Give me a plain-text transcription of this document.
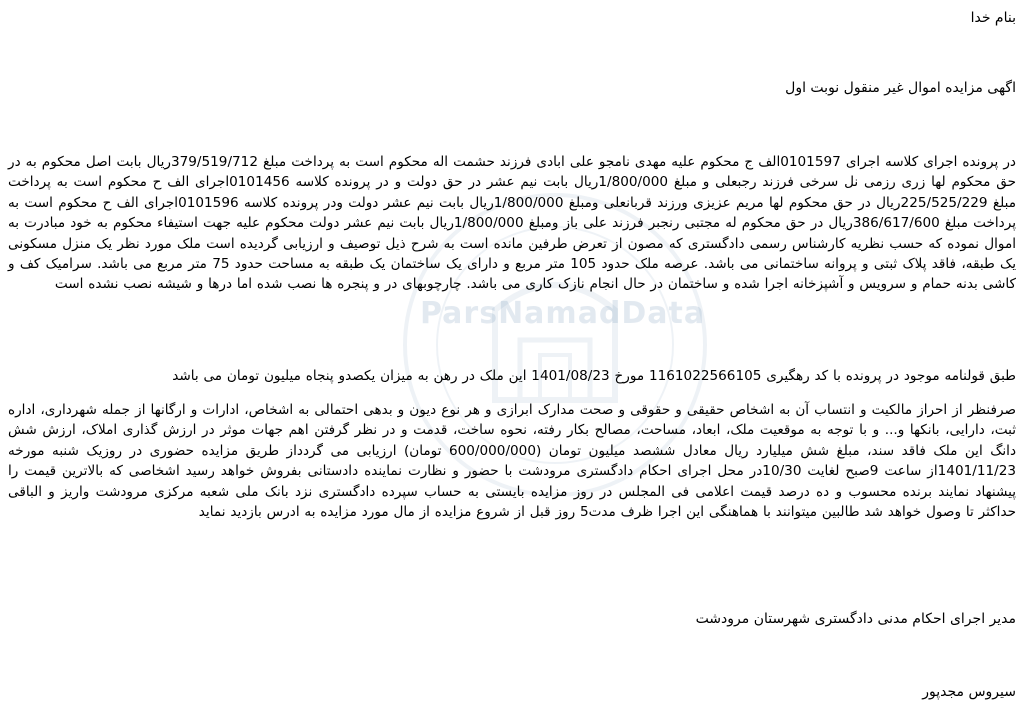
ParsNamadData
بنام خدا
اگهی مزایده اموال غیر منقول نوبت اول
در پرونده اجرای کلاسه اجرای 0101597الف ج محکوم علیه مهدی نامجو علی ابادی فرزند حشمت اله محکوم است به پرداخت مبلغ 379/519/712ریال بابت اصل محکوم به در حق محکوم لها زری رزمی نل سرخی فرزند رجبعلی و مبلغ 1/800/000ریال بابت نیم عشر در حق دولت و در پرونده کلاسه 0101456اجرای الف ح محکوم است به پرداخت مبلغ 225/525/229ریال در حق محکوم لها مریم عزیزی ورزند قربانعلی ومبلغ 1/800/000ریال بابت نیم عشر دولت ودر پرونده کلاسه 0101596اجرای الف ح محکوم است به پرداخت مبلغ 386/617/600ریال در حق محکوم له مجتبی رنجبر فرزند علی باز ومبلغ 1/800/000ریال بابت نیم عشر دولت محکوم علیه جهت استیفاء محکوم به خود مبادرت به اموال نموده که حسب نظریه کارشناس رسمی دادگستری که مصون از تعرض طرفین مانده است به شرح ذیل توصیف و ارزیابی گردیده است ملک مورد نظر یک منزل مسکونی یک طبقه، فاقد پلاک ثبتی و پروانه ساختمانی می باشد. عرصه ملک حدود 105 متر مربع و دارای یک ساختمان یک طبقه به مساحت حدود 75 متر مربع می باشد. سرامیک کف و کاشی بدنه حمام و سرویس و آشپزخانه اجرا شده و ساختمان در حال انجام نازک کاری می باشد. چارچوبهای در و پنجره ها نصب شده اما درها و شیشه نصب نشده است
طبق قولنامه موجود در پرونده با کد رهگیری 1161022566105 مورخ 1401/08/23 این ملک در رهن به میزان یکصدو پنجاه میلیون تومان می باشد
صرفنظر از احراز مالکیت و انتساب آن به اشخاص حقیقی و حقوقی و صحت مدارک ابرازی و هر نوع دیون و بدهی احتمالی به اشخاص، ادارات و ارگانها از جمله شهرداری، اداره ثبت، دارایی، بانکها و... و با توجه به موقعیت ملک، ابعاد، مساحت، مصالح بکار رفته، نحوه ساخت، قدمت و در نظر گرفتن اهم جهات موثر در ارزش گذاری املاک، ارزش شش دانگ این ملک فاقد سند، مبلغ شش میلیارد ریال معادل ششصد میلیون تومان (600/000/000 تومان) ارزیابی می گردداز طریق مزایده حضوری در روزیک شنبه مورخه 1401/11/23از ساعت 9صبح لغایت 10/30در محل اجرای احکام دادگستری مرودشت با حضور و نظارت نماینده دادستانی بفروش خواهد رسید اشخاصی که بالاترین قیمت را پیشنهاد نمایند برنده محسوب و ده درصد قیمت اعلامی فی المجلس در روز مزایده بایستی به حساب سپرده دادگستری نزد بانک ملی شعبه مرکزی مرودشت واریز و الباقی حداکثر تا وصول خواهد شد طالبین میتوانند با هماهنگی این اجرا ظرف مدت5 روز قبل از شروع مزایده از مال مورد مزایده به ادرس بازدید نماید
مدیر اجرای احکام مدنی دادگستری شهرستان مرودشت
سیروس مجدپور
